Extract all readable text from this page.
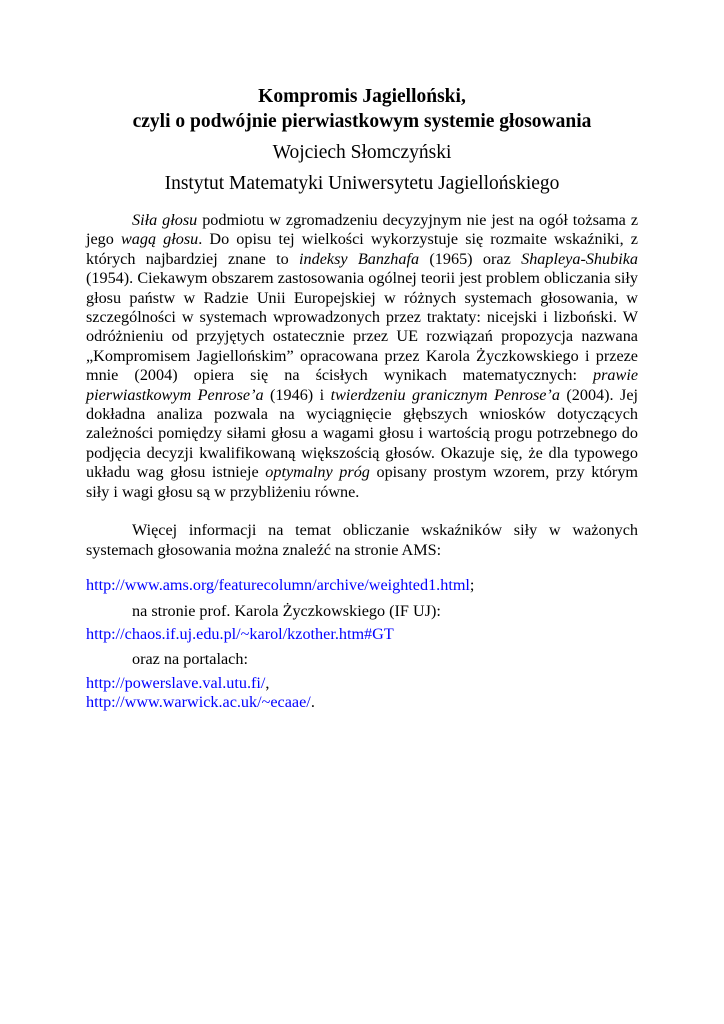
Kompromis Jagielloński,
czyli o podwójnie pierwiastkowym systemie głosowania
Wojciech Słomczyński
Instytut Matematyki Uniwersytetu Jagiellońskiego

Siła głosu podmiotu w zgromadzeniu decyzyjnym nie jest na ogół tożsama z jego wagą głosu. Do opisu tej wielkości wykorzystuje się rozmaite wskaźniki, z których najbardziej znane to indeksy Banzhafa (1965) oraz Shapleya-Shubika (1954). Ciekawym obszarem zastosowania ogólnej teorii jest problem obliczania siły głosu państw w Radzie Unii Europejskiej w różnych systemach głosowania, w szczególności w systemach wprowadzonych przez traktaty: nicejski i lizboński. W odróżnieniu od przyjętych ostatecznie przez UE rozwiązań propozycja nazwana „Kompromisem Jagiellońskim” opracowana przez Karola Życzkowskiego i przeze mnie (2004) opiera się na ścisłych wynikach matematycznych: prawie pierwiastkowym Penrose’a (1946) i twierdzeniu granicznym Penrose’a (2004). Jej dokładna analiza pozwala na wyciągnięcie głębszych wniosków dotyczących zależności pomiędzy siłami głosu a wagami głosu i wartością progu potrzebnego do podjęcia decyzji kwalifikowaną większością głosów. Okazuje się, że dla typowego układu wag głosu istnieje optymalny próg opisany prostym wzorem, przy którym siły i wagi głosu są w przybliżeniu równe.

Więcej informacji na temat obliczanie wskaźników siły w ważonych systemach głosowania można znaleźć na stronie AMS:

http://www.ams.org/featurecolumn/archive/weighted1.html;
na stronie prof. Karola Życzkowskiego (IF UJ):
http://chaos.if.uj.edu.pl/~karol/kzother.htm#GT
oraz na portalach:
http://powerslave.val.utu.fi/,
http://www.warwick.ac.uk/~ecaae/.
